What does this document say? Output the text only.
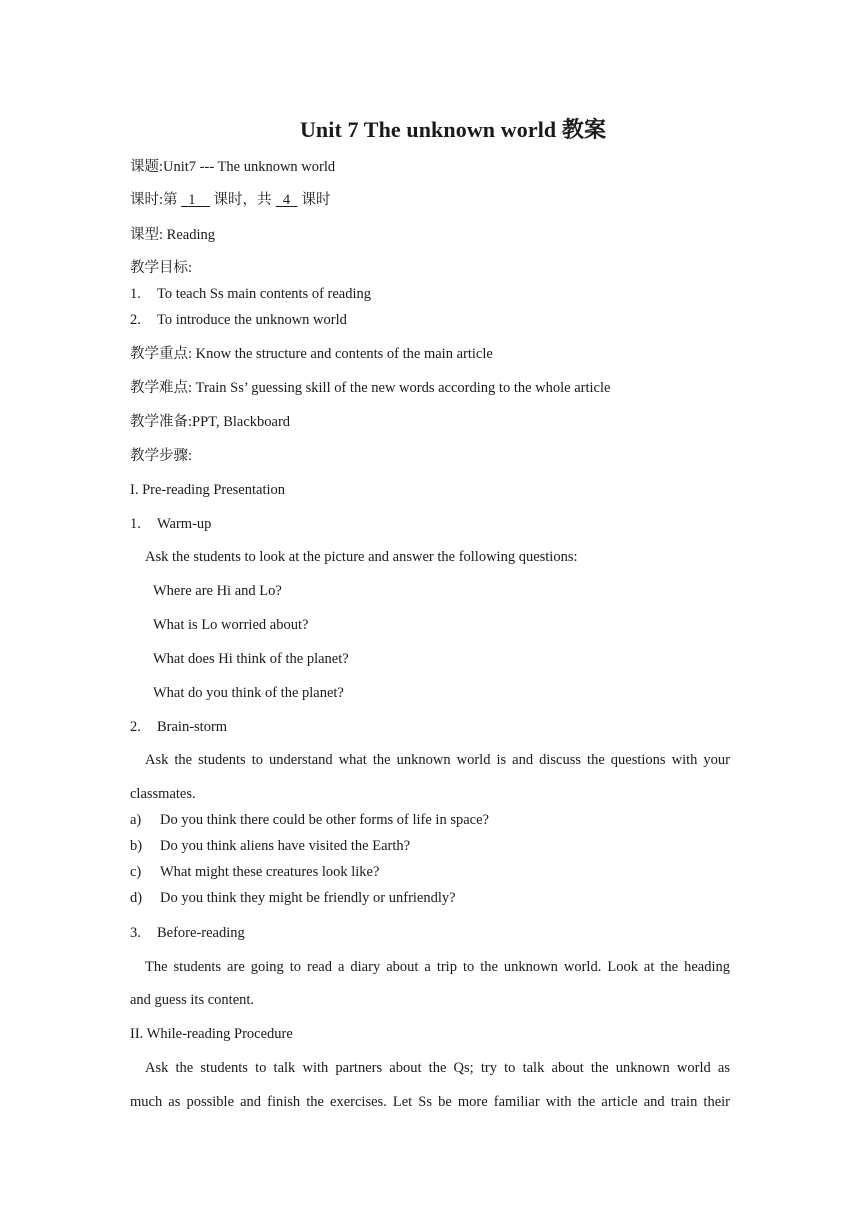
Unit 7 The unknown world 教案
课题:Unit7 --- The unknown world
课时:第 1 课时，共 4 课时
课型: Reading
教学目标:
1. To teach Ss main contents of reading
2. To introduce the unknown world
教学重点: Know the structure and contents of the main article
教学难点: Train Ss’ guessing skill of the new words according to the whole article
教学准备:PPT, Blackboard
教学步骤:
I. Pre-reading Presentation
1. Warm-up
Ask the students to look at the picture and answer the following questions:
Where are Hi and Lo?
What is Lo worried about?
What does Hi think of the planet?
What do you think of the planet?
2. Brain-storm
Ask the students to understand what the unknown world is and discuss the questions with your
classmates.
a) Do you think there could be other forms of life in space?
b) Do you think aliens have visited the Earth?
c) What might these creatures look like?
d) Do you think they might be friendly or unfriendly?
3. Before-reading
The students are going to read a diary about a trip to the unknown world. Look at the heading
and guess its content.
II. While-reading Procedure
Ask the students to talk with partners about the Qs; try to talk about the unknown world as
much as possible and finish the exercises. Let Ss be more familiar with the article and train their
